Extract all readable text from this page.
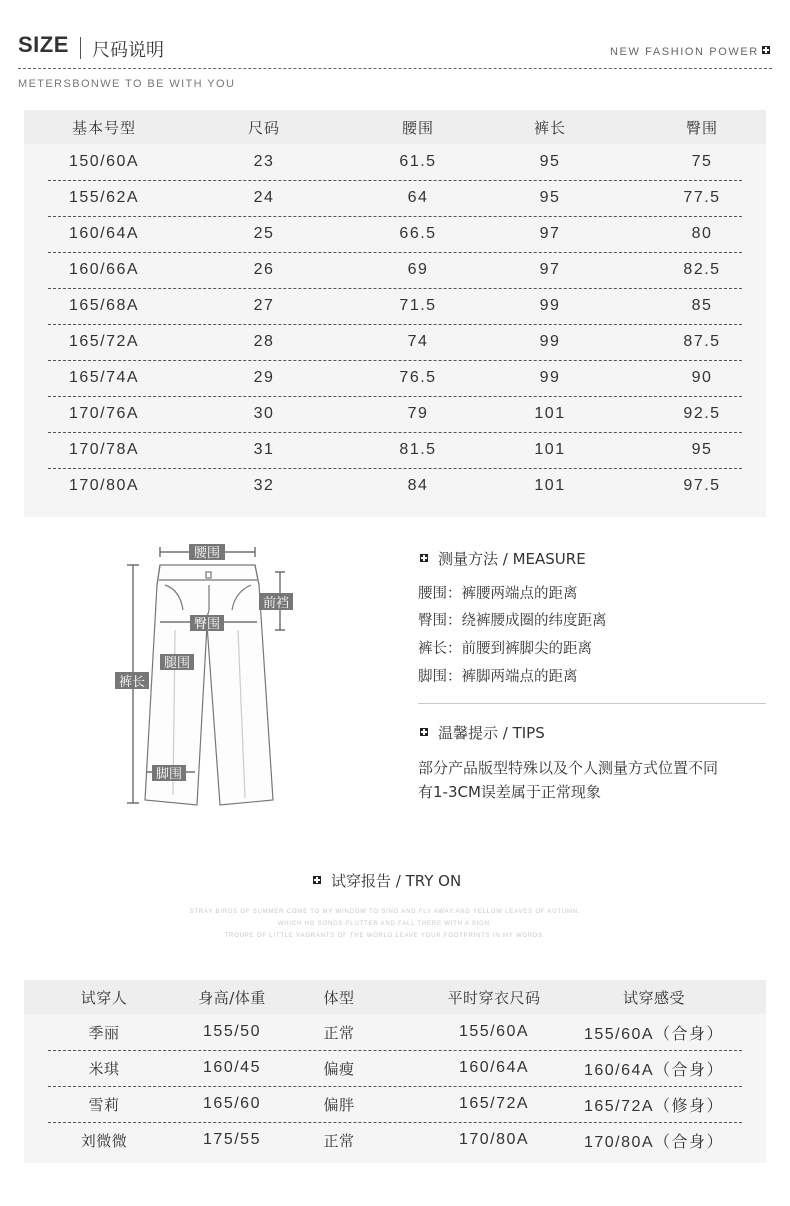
SIZE 尺码说明	NEW FASHION POWER
METERSBONWE TO BE WITH YOU
基本号型	尺码	腰围	裤长	臀围
150/60A	23	61.5	95	75
155/62A	24	64	95	77.5
160/64A	25	66.5	97	80
160/66A	26	69	97	82.5
165/68A	27	71.5	99	85
165/72A	28	74	99	87.5
165/74A	29	76.5	99	90
170/76A	30	79	101	92.5
170/78A	31	81.5	101	95
170/80A	32	84	101	97.5
腰围
前裆
臀围
腿围
裤长
脚围
测量方法 / MEASURE
腰围：裤腰两端点的距离
臀围：绕裤腰成圈的纬度距离
裤长：前腰到裤脚尖的距离
脚围：裤脚两端点的距离
温馨提示 / TIPS
部分产品版型特殊以及个人测量方式位置不同
有1-3CM误差属于正常现象
试穿报告 / TRY ON
STRAY BIRDS OF SUMMER COME TO MY WINDOW TO SING AND FLY AWAY.AND YELLOW LEAVES OF AUTUMN.
WHICH HO SONGS.FLUTTER AND FALL THERE WITH A SIGN.
TROUPE OF LITTLE VAGRANTS OF THE WORLD.LEAVE YOUR FOOTPRINTS IN MY WORDS.
试穿人	身高/体重	体型	平时穿衣尺码	试穿感受
季丽	155/50	正常	155/60A	155/60A（合身）
米琪	160/45	偏瘦	160/64A	160/64A（合身）
雪莉	165/60	偏胖	165/72A	165/72A（修身）
刘微微	175/55	正常	170/80A	170/80A（合身）
